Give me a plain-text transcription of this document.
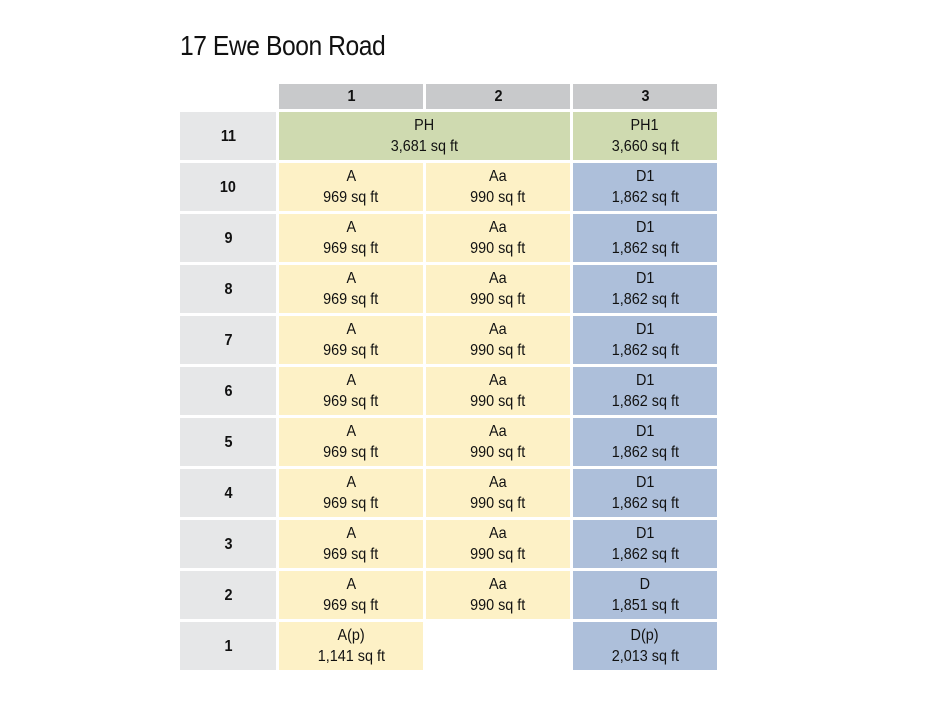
17 Ewe Boon Road
1	2	3
11
PH
3,681 sq ft
PH1
3,660 sq ft
10
A
969 sq ft
Aa
990 sq ft
D1
1,862 sq ft
9
A
969 sq ft
Aa
990 sq ft
D1
1,862 sq ft
8
A
969 sq ft
Aa
990 sq ft
D1
1,862 sq ft
7
A
969 sq ft
Aa
990 sq ft
D1
1,862 sq ft
6
A
969 sq ft
Aa
990 sq ft
D1
1,862 sq ft
5
A
969 sq ft
Aa
990 sq ft
D1
1,862 sq ft
4
A
969 sq ft
Aa
990 sq ft
D1
1,862 sq ft
3
A
969 sq ft
Aa
990 sq ft
D1
1,862 sq ft
2
A
969 sq ft
Aa
990 sq ft
D
1,851 sq ft
1
A(p)
1,141 sq ft
D(p)
2,013 sq ft
